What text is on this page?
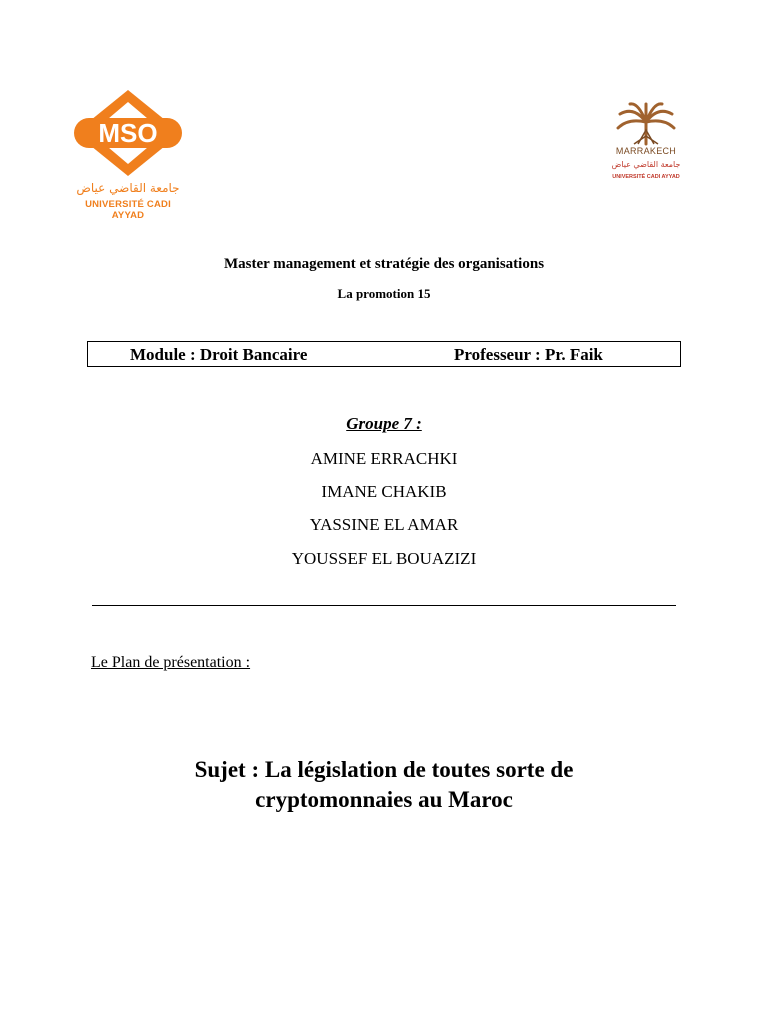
MSO
جامعة القاضي عياض
UNIVERSITÉ CADI AYYAD
MARRAKECH
جامعة القاضي عياض
UNIVERSITÉ CADI AYYAD
Master management et stratégie des organisations
La promotion 15
Module : Droit Bancaire	Professeur : Pr. Faik
Groupe 7 :
AMINE ERRACHKI
IMANE CHAKIB
YASSINE EL AMAR
YOUSSEF EL BOUAZIZI
Le Plan de présentation :
Sujet : La législation de toutes sorte de
cryptomonnaies au Maroc
